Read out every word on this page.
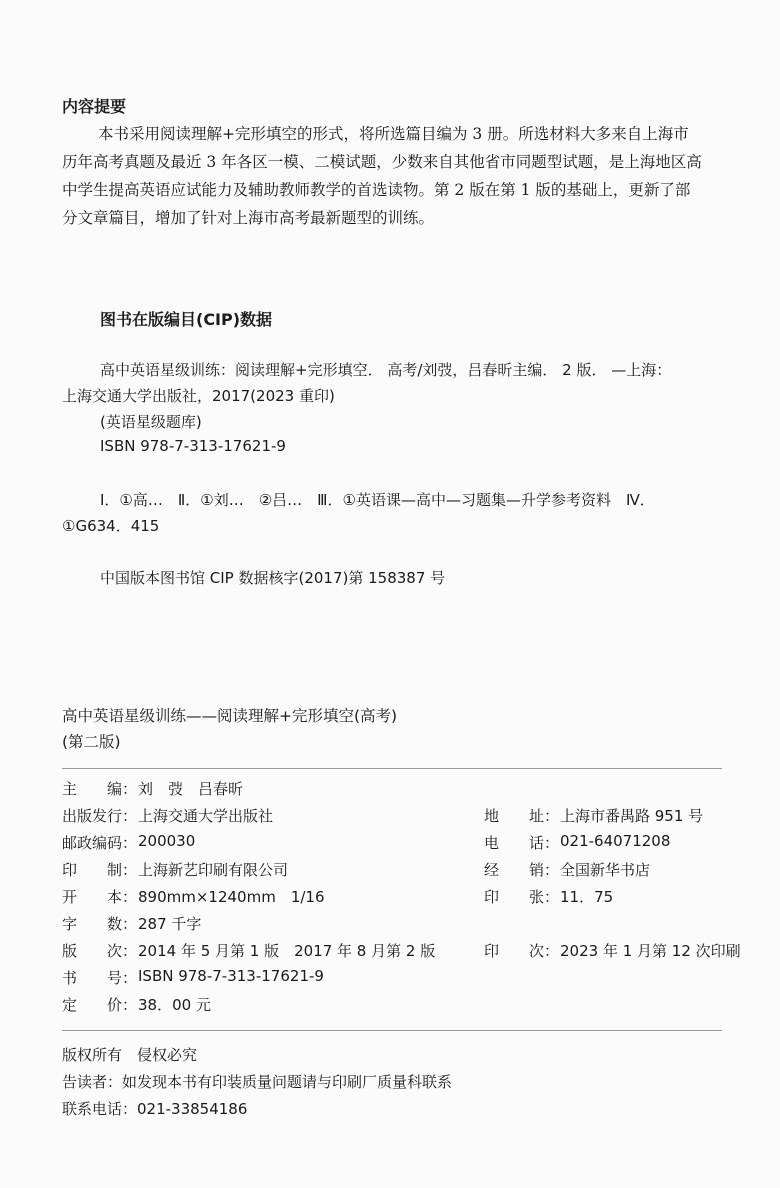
内容提要
本书采用阅读理解+完形填空的形式，将所选篇目编为 3 册。所选材料大多来自上海市
历年高考真题及最近 3 年各区一模、二模试题，少数来自其他省市同题型试题，是上海地区高
中学生提高英语应试能力及辅助教师教学的首选读物。第 2 版在第 1 版的基础上，更新了部
分文章篇目，增加了针对上海市高考最新题型的训练。
图书在版编目(CIP)数据
高中英语星级训练：阅读理解+完形填空． 高考/刘弢，吕春昕主编． 2 版． —上海：
上海交通大学出版社，2017(2023 重印)
(英语星级题库)
ISBN 978-7-313-17621-9
Ⅰ．①高…　Ⅱ．①刘…　②吕…　Ⅲ．①英语课—高中—习题集—升学参考资料　Ⅳ．
①G634．415
中国版本图书馆 CIP 数据核字(2017)第 158387 号
高中英语星级训练——阅读理解+完形填空(高考)
(第二版)
主　　编： 刘　弢　吕春昕
出版发行： 上海交通大学出版社
邮政编码： 200030
印　　制： 上海新艺印刷有限公司
开　　本： 890mm×1240mm　1/16
字　　数： 287 千字
版　　次： 2014 年 5 月第 1 版　2017 年 8 月第 2 版
书　　号： ISBN 978-7-313-17621-9
定　　价： 38．00 元
地　　址： 上海市番禺路 951 号
电　　话： 021-64071208
经　　销： 全国新华书店
印　　张： 11．75
印　　次： 2023 年 1 月第 12 次印刷
版权所有　侵权必究
告读者：如发现本书有印装质量问题请与印刷厂质量科联系
联系电话：021-33854186
